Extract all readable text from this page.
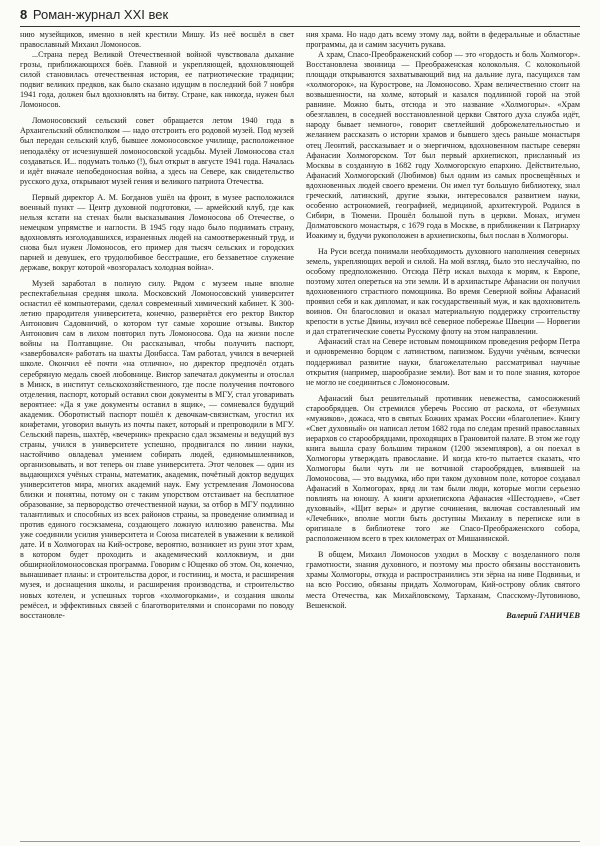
8 Роман-журнал XXI век

нию музейщиков, именно в ней крестили Мишу. Из неё восшёл в свет православный Михаил Ломоносов.

...Страна перед Великой Отечественной войной чувствовала дыхание грозы, приближающихся боёв. Главной и укрепляющей, вдохновляющей силой становилась отечественная история, ее патриотические традиции; подвиг великих предков, как было сказано идущим в последний бой 7 ноября 1941 года, должен был вдохновлять на битву. Стране, как никогда, нужен был Ломоносов.

Ломоносовский сельский совет обращается летом 1940 года в Архангельский облисполком — надо отстроить его родовой музей. Под музей был передан сельский клуб, бывшее ломоносовское училище, расположенное неподалёку от исчезнувшей ломоносовской усадьбы. Музей Ломоносова стал создаваться. И... подумать только (!), был открыт в августе 1941 года. Началась и идёт вначале непобедоносная война, а здесь на Севере, как свидетельство русского духа, открывают музей гения и великого патриота Отечества.

Первый директор А. М. Богданов ушёл на фронт, в музее расположился военный пункт — Центр духовной подготовки, — армейский клуб, где как нельзя кстати на стенах были высказывания Ломоносова об Отечестве, о немецком упрямстве и наглости. В 1945 году надо было поднимать страну, вдохновлять изголодавшихся, израненных людей на самоотверженный труд, и снова был нужен Ломоносов, его пример для тысяч сельских и городских парней и девушек, его трудолюбивое бесстрашие, его беззаветное служение державе, вокруг которой «возгораласъ холодная война».

Музей заработал в полную силу. Рядом с музеем ныне вполне респектабельная средняя школа. Московский Ломоносовский университет оснастил её компьютерами, сделал современный химический кабинет. К 300-летию прародителя университета, конечно, развернётся его ректор Виктор Антонович Садовничий, о котором тут самые хорошие отзывы. Виктор Антонович сам в лихом повторил путь Ломоносова. Ода на жизни после войны на Полтавщине. Он рассказывал, чтобы получить паспорт, «завербовался» работать на шахты Донбасса. Там работал, учился в вечерней школе. Окончил её почти «на отлично», но директор предпочёл отдать серебряную медаль своей любовнице. Виктор запечатал документы и отослал в Минск, в институт сельскохозяйственного, где после получения почтового отделения, паспорт, который оставил свои документы в МГУ, стал уговаривать вероятнее: «Да я уже документы оставил в ящик», — сомневался будущий академик. Оборотистый паспорт пошёл к девочкам-связисткам, угостил их конфетами, уговорил вынуть из почты пакет, который и препроводили в МГУ. Сельский парень, шахтёр, «вечерник» прекрасно сдал экзамены и ведущий вуз страны, учился в университете успешно, продвигался по линии науки, настойчиво овладевал умением собирать людей, единомышленников, организовывать, и вот теперь он главе университета. Этот человек — один из выдающихся учёных страны, математик, академик, почётный доктор ведущих университетов мира, многих академий наук. Ему устремления Ломоносова близки и понятны, потому он с таким упорством отстаивает на бесплатное образование, за первородство отечественной науки, за отбор в МГУ подлинно талантливых и способных из всех районов страны, за проведение олимпиад и против единого госэкзамена, создающего ложную иллюзию равенства. Мы уже соединили усилия университета и Союза писателей в уважении к великой дате. И в Холмогорах на Кий-острове, вероятно, возникнет из руин этот храм, в котором будет проходить и академический коллоквиум, и дни обширнойломоносовская программа. Говорим с Ющенко об этом. Он, конечно, вынашивает планы: и строительства дорог, и гостиниц, и моста, и расширения музея, и доснащения школы, и расширения производства, и строительство новых котелен, и успешных торгов «холмогорками», и создания школы ремёсел, и эффективных связей с благотворителями и спонсорами по поводу восстановле-

ния храма. Но надо дать всему этому лад, войти в федеральные и областные программы, да и самим засучить рукава.

А храм, Спасо-Преображенский собор — это «гордость и боль Холмогор». Восстановлена звонница — Преображенская колокольня. С колокольной площади открываются захватывающий вид на дальние луга, пасущихся там «холмогорок», на Курострове, на Ломоносово. Храм величественно стоит на возвышенности, на холме, который и казался подлинной горой на этой равнине. Можно быть, отсюда и это название «Холмогоры». «Храм обезглавлен, в соседней восстановленной церкви Святого духа служба идёт, народу бывает немного», говорит светлейший доброжелательностью и желанием рассказать о истории храмов и бывшего здесь раньше монастыря отец Леонтий, рассказывает и о энергичном, вдохновенном пастыре северян Афанасии Холмогорском. Тот был первый архиепископ, присланный из Москвы в созданную в 1682 году Холмогорскую епархию. Действительно, Афанасий Холмогорский (Любимов) был одним из самых просвещённых и вдохновенных людей своего времени. Он имел тут большую библиотеку, знал греческий, латинский, другие языки, интересовался развитием науки, особенно астрономией, географией, медициной, архитектурой. Родился в Сибири, в Тюмени. Прошёл большой путь в церкви. Монах, игумен Долматовского монастыря, с 1679 года в Москве, в приближении к Патриарху Иоакиму и, будучи рукоположен в архиепископы, был послан в Холмогоры.

На Руси всегда понимали необходимость духовного наполнения северных земель, укрепляющих верой и силой. На мой взгляд, было это неслучайно, по особому предположению. Отсюда Пётр искал выхода к морям, к Европе, поэтому хотел опереться на эти земли. И в архипастыре Афанасии он получил вдохновенного страстного помощника. Во время Северной войны Афанасий проявил себя и как дипломат, и как государственный муж, и как вдохновитель воинов. Он благословил и оказал материальную поддержку строительству крепости в устье Двины, изучил всё северное побережье Швеции — Норвегии и дал стратегические советы Русскому флоту на этом направлении.

Афанасий стал на Севере истовым помощником проведения реформ Петра и одновременно борцом с латинством, папизмом. Будучи учёным, всячески поддерживал развитие науки, благожелательно рассматривал научные открытия (например, шарообразие земли). Вот вам и то поле знания, которое не могло не соединиться с Ломоносовым.

Афанасий был решительный противник невежества, самосожжений старообрядцев. Он стремился уберечь Россию от раскола, от «безумных «мужиков», дожаса, что в святых Божиих храмах России «благолепие». Книгу «Свет духовный» он написал летом 1682 года по следам прений православных иерархов со старообрядцами, проходящих в Грановитой палате. В этом же году книга вышла сразу большим тиражом (1200 экземпляров), а он поехал в Холмогоры утверждать православие. И когда кто-то пытается сказать, что Холмогоры были чуть ли не вотчиной старообрядцев, влиявшей на Ломоносова, — это выдумка, ибо при таком духовном поле, которое создавал Афанасий в Холмогорах, вряд ли там были люди, которые могли серьезно повлиять на юношу. А книги архиепископа Афанасия «Шестоднев», «Свет духовный», «Щит веры» и другие сочинения, включая составленный им «Лечебник», вполне могли быть доступны Михаилу в переписке или в оригинале в библиотеке того же Спасо-Преображенского собора, расположенном всего в трех километрах от Мишанинской.

В общем, Михаил Ломоносов уходил в Москву с возделанного поля грамотности, знания духовного, и поэтому мы просто обязаны восстановить храмы Холмогоры, откуда и распространились эти зёрна на ниве Подвиньи, и на всю Россию, обязаны придать Холмогорам, Кий-острову облик святого места Отечества, как Михайловскому, Тарханам, Спасскому-Лутовиново, Вешенской.

Валерий ГАНИЧЕВ
